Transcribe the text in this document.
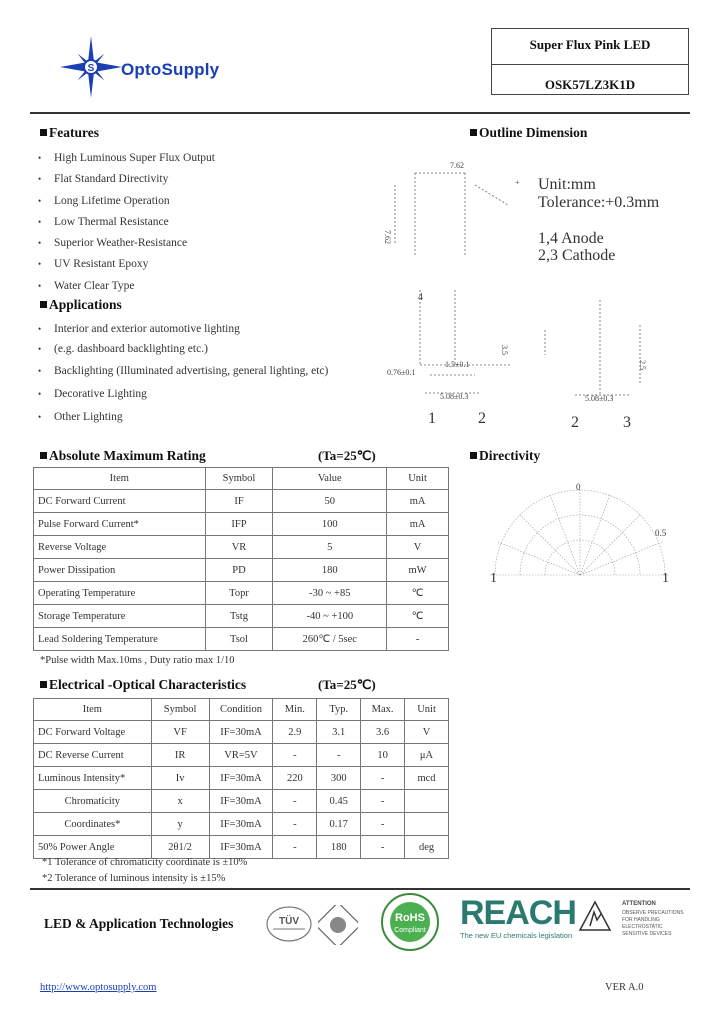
S OptoSupply
Super Flux Pink LED
OSK57LZ3K1D
Features
• High Luminous Super Flux Output
• Flat Standard Directivity
• Long Lifetime Operation
• Low Thermal Resistance
• Superior Weather-Resistance
• UV Resistant Epoxy
• Water Clear Type
Applications
• Interior and exterior automotive lighting
• (e.g. dashboard backlighting etc.)
• Backlighting (Illuminated advertising, general lighting, etc)
• Decorative Lighting
• Other Lighting
Outline Dimension
7.62
7.62
0.76±0.1
1.5±0.1
5.08±0.3	5.08±0.3
3.5
2.5
+
4
Unit:mm
Tolerance:+0.3mm
1,4 Anode
2,3 Cathode
1	2	2	3
Absolute Maximum Rating	(Ta=25℃)
Item	Symbol	Value	Unit
DC Forward Current	IF	50	mA
Pulse Forward Current*	IFP	100	mA
Reverse Voltage	VR	5	V
Power Dissipation	PD	180	mW
Operating Temperature	Topr	-30 ~ +85	℃
Storage Temperature	Tstg	-40 ~ +100	℃
Lead Soldering Temperature	Tsol	260℃ / 5sec	-
*Pulse width Max.10ms , Duty ratio max 1/10
Electrical -Optical Characteristics	(Ta=25℃)
Item	Symbol	Condition	Min.	Typ.	Max.	Unit
DC Forward Voltage	VF	IF=30mA	2.9	3.1	3.6	V
DC Reverse Current	IR	VR=5V	-	-	10	μA
Luminous Intensity*	Iv	IF=30mA	220	300	-	mcd
Chromaticity	x	IF=30mA	-	0.45	-	
Coordinates*	y	IF=30mA	-	0.17	-	
50% Power Angle	2θ1/2	IF=30mA	-	180	-	deg
*1 Tolerance of chromaticity coordinate is ±10%
*2 Tolerance of luminous intensity is ±15%
Directivity
0
0.5
1	1
LED & Application Technologies	TÜV	RoHS
Compliant REACH
The new EU chemicals legislation
ATTENTION
OBSERVE PRECAUTIONS FOR HANDLING ELECTROSTATIC SENSITIVE DEVICES
http://www.optosupply.com	VER A.0
